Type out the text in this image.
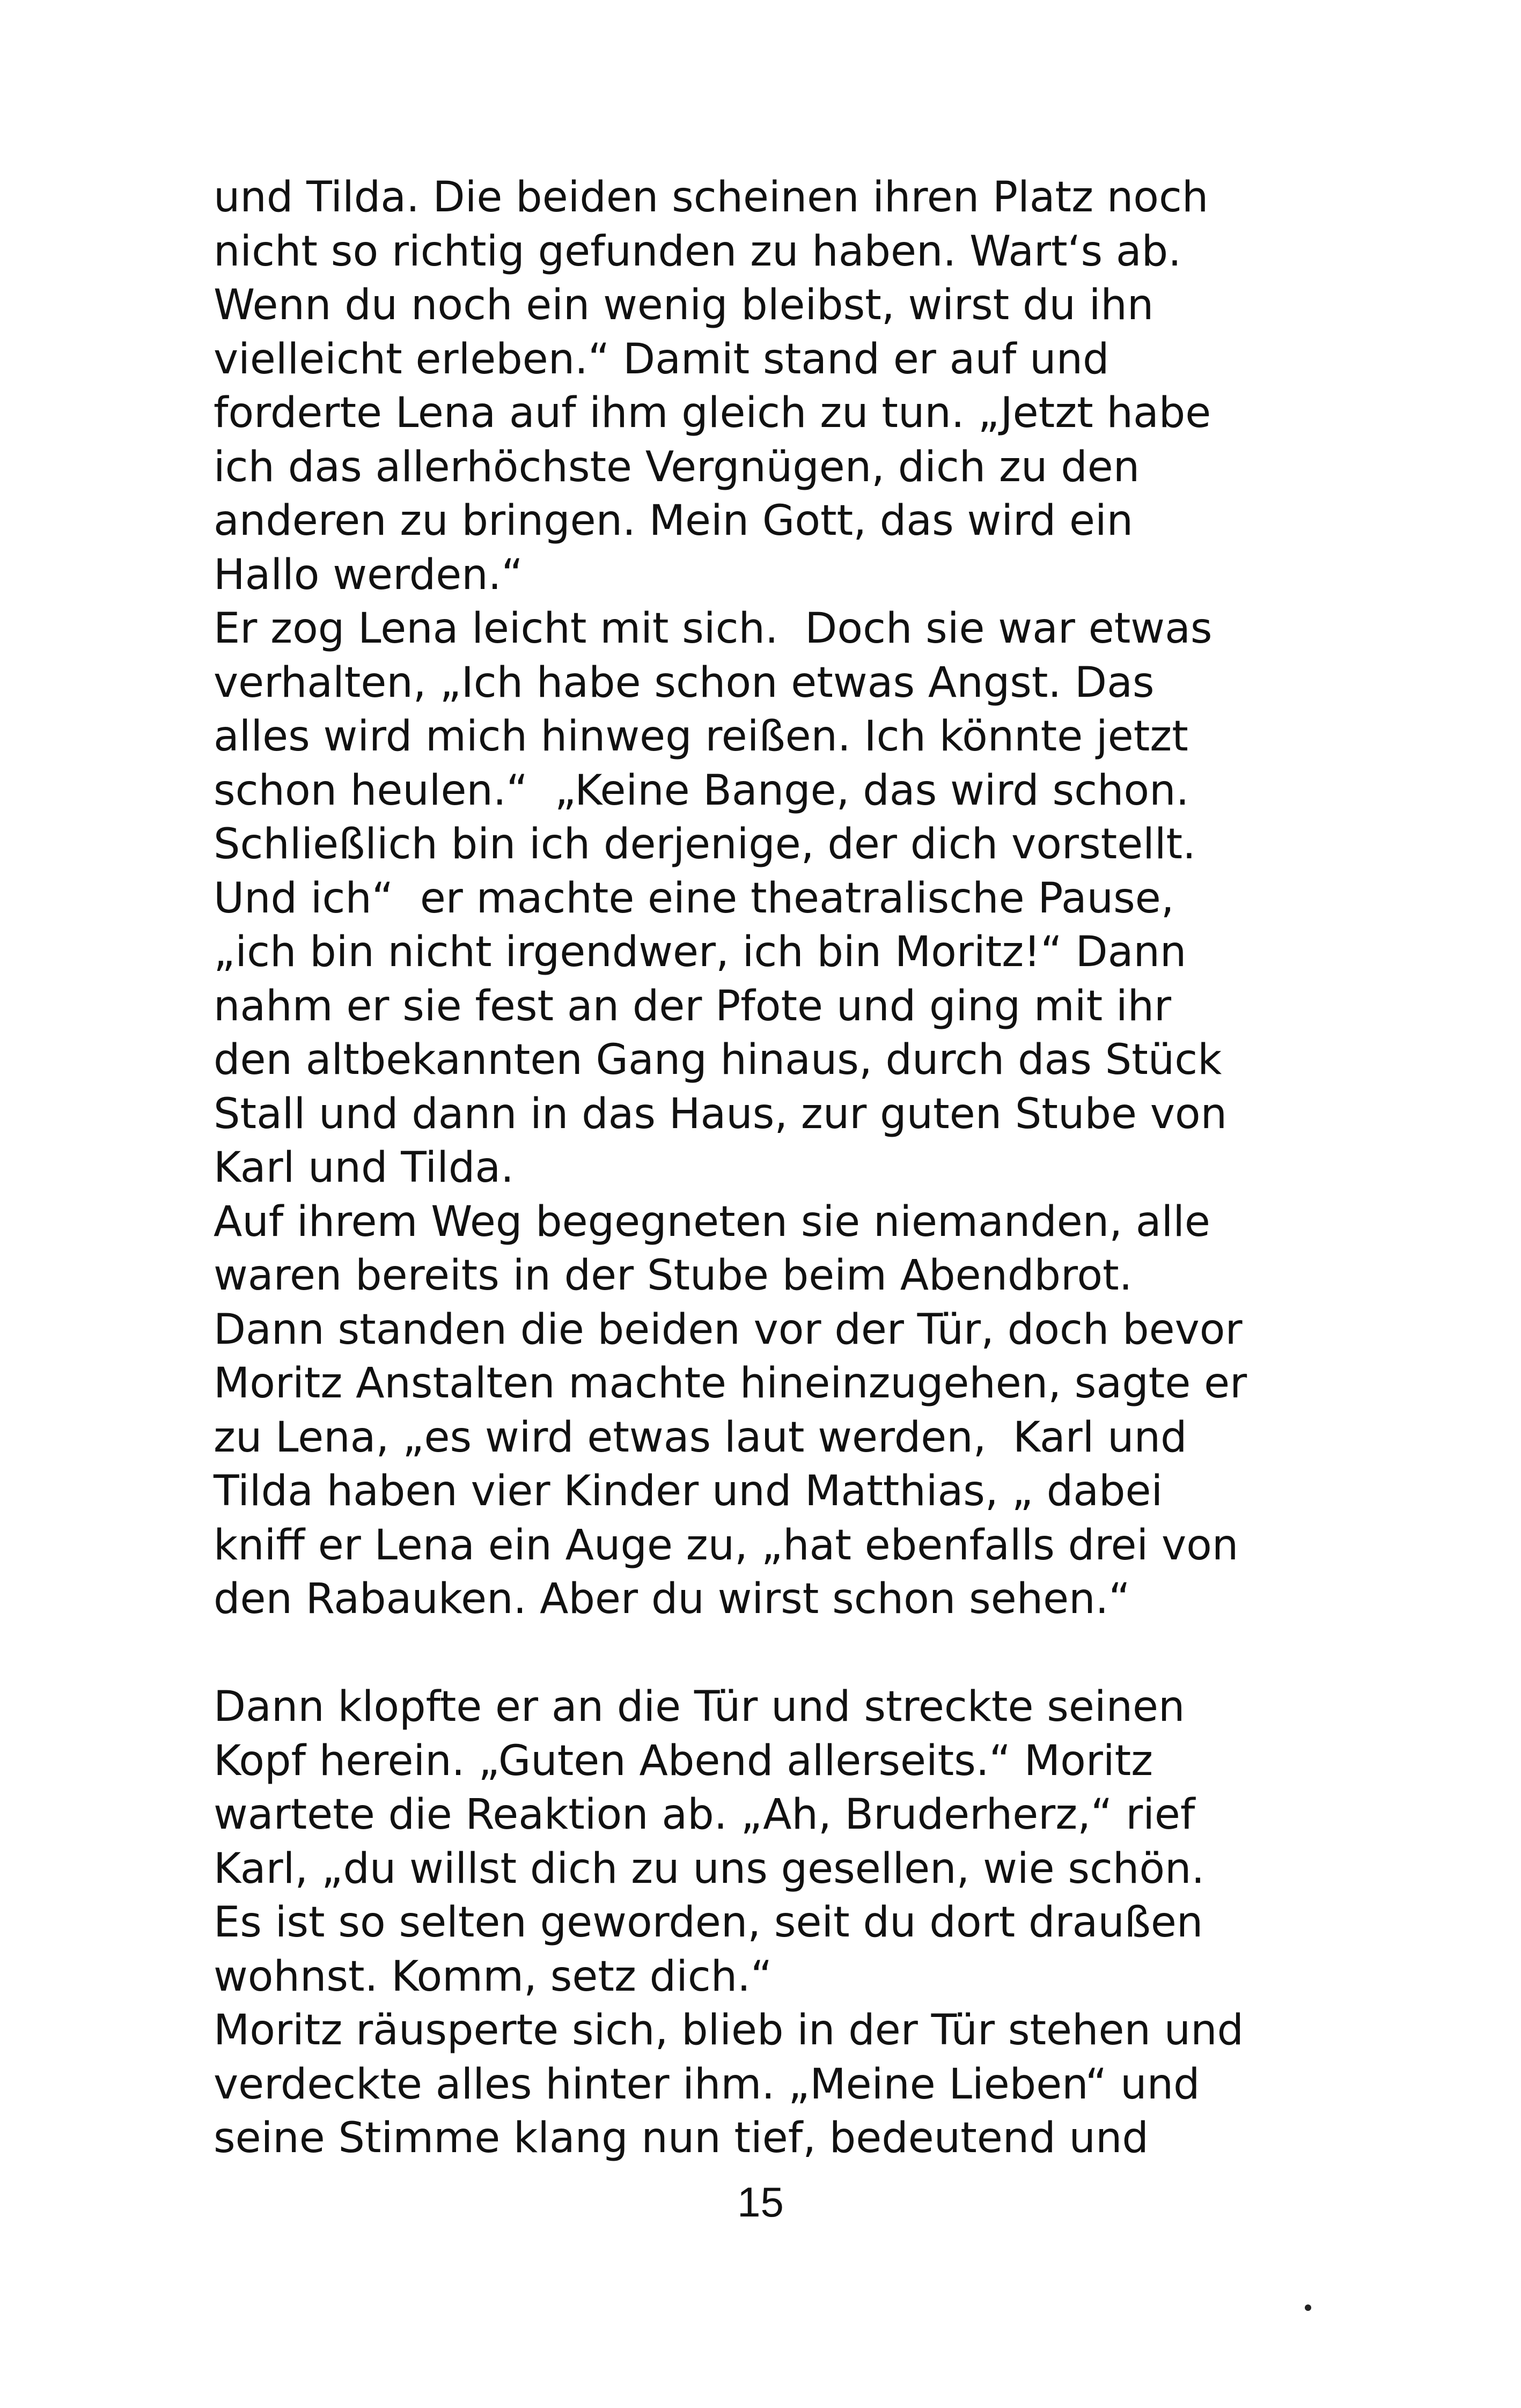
und Tilda. Die beiden scheinen ihren Platz noch
nicht so richtig gefunden zu haben. Wart‘s ab.
Wenn du noch ein wenig bleibst, wirst du ihn
vielleicht erleben.“ Damit stand er auf und
forderte Lena auf ihm gleich zu tun. „Jetzt habe
ich das allerhöchste Vergnügen, dich zu den
anderen zu bringen. Mein Gott, das wird ein
Hallo werden.“
Er zog Lena leicht mit sich.  Doch sie war etwas
verhalten, „Ich habe schon etwas Angst. Das
alles wird mich hinweg reißen. Ich könnte jetzt
schon heulen.“  „Keine Bange, das wird schon.
Schließlich bin ich derjenige, der dich vorstellt.
Und ich“  er machte eine theatralische Pause,
„ich bin nicht irgendwer, ich bin Moritz!“ Dann
nahm er sie fest an der Pfote und ging mit ihr
den altbekannten Gang hinaus, durch das Stück
Stall und dann in das Haus, zur guten Stube von
Karl und Tilda.
Auf ihrem Weg begegneten sie niemanden, alle
waren bereits in der Stube beim Abendbrot.
Dann standen die beiden vor der Tür, doch bevor
Moritz Anstalten machte hineinzugehen, sagte er
zu Lena, „es wird etwas laut werden,  Karl und
Tilda haben vier Kinder und Matthias, „ dabei
kniff er Lena ein Auge zu, „hat ebenfalls drei von
den Rabauken. Aber du wirst schon sehen.“
Dann klopfte er an die Tür und streckte seinen
Kopf herein. „Guten Abend allerseits.“ Moritz
wartete die Reaktion ab. „Ah, Bruderherz,“ rief
Karl, „du willst dich zu uns gesellen, wie schön.
Es ist so selten geworden, seit du dort draußen
wohnst. Komm, setz dich.“
Moritz räusperte sich, blieb in der Tür stehen und
verdeckte alles hinter ihm. „Meine Lieben“ und
seine Stimme klang nun tief, bedeutend und
15
